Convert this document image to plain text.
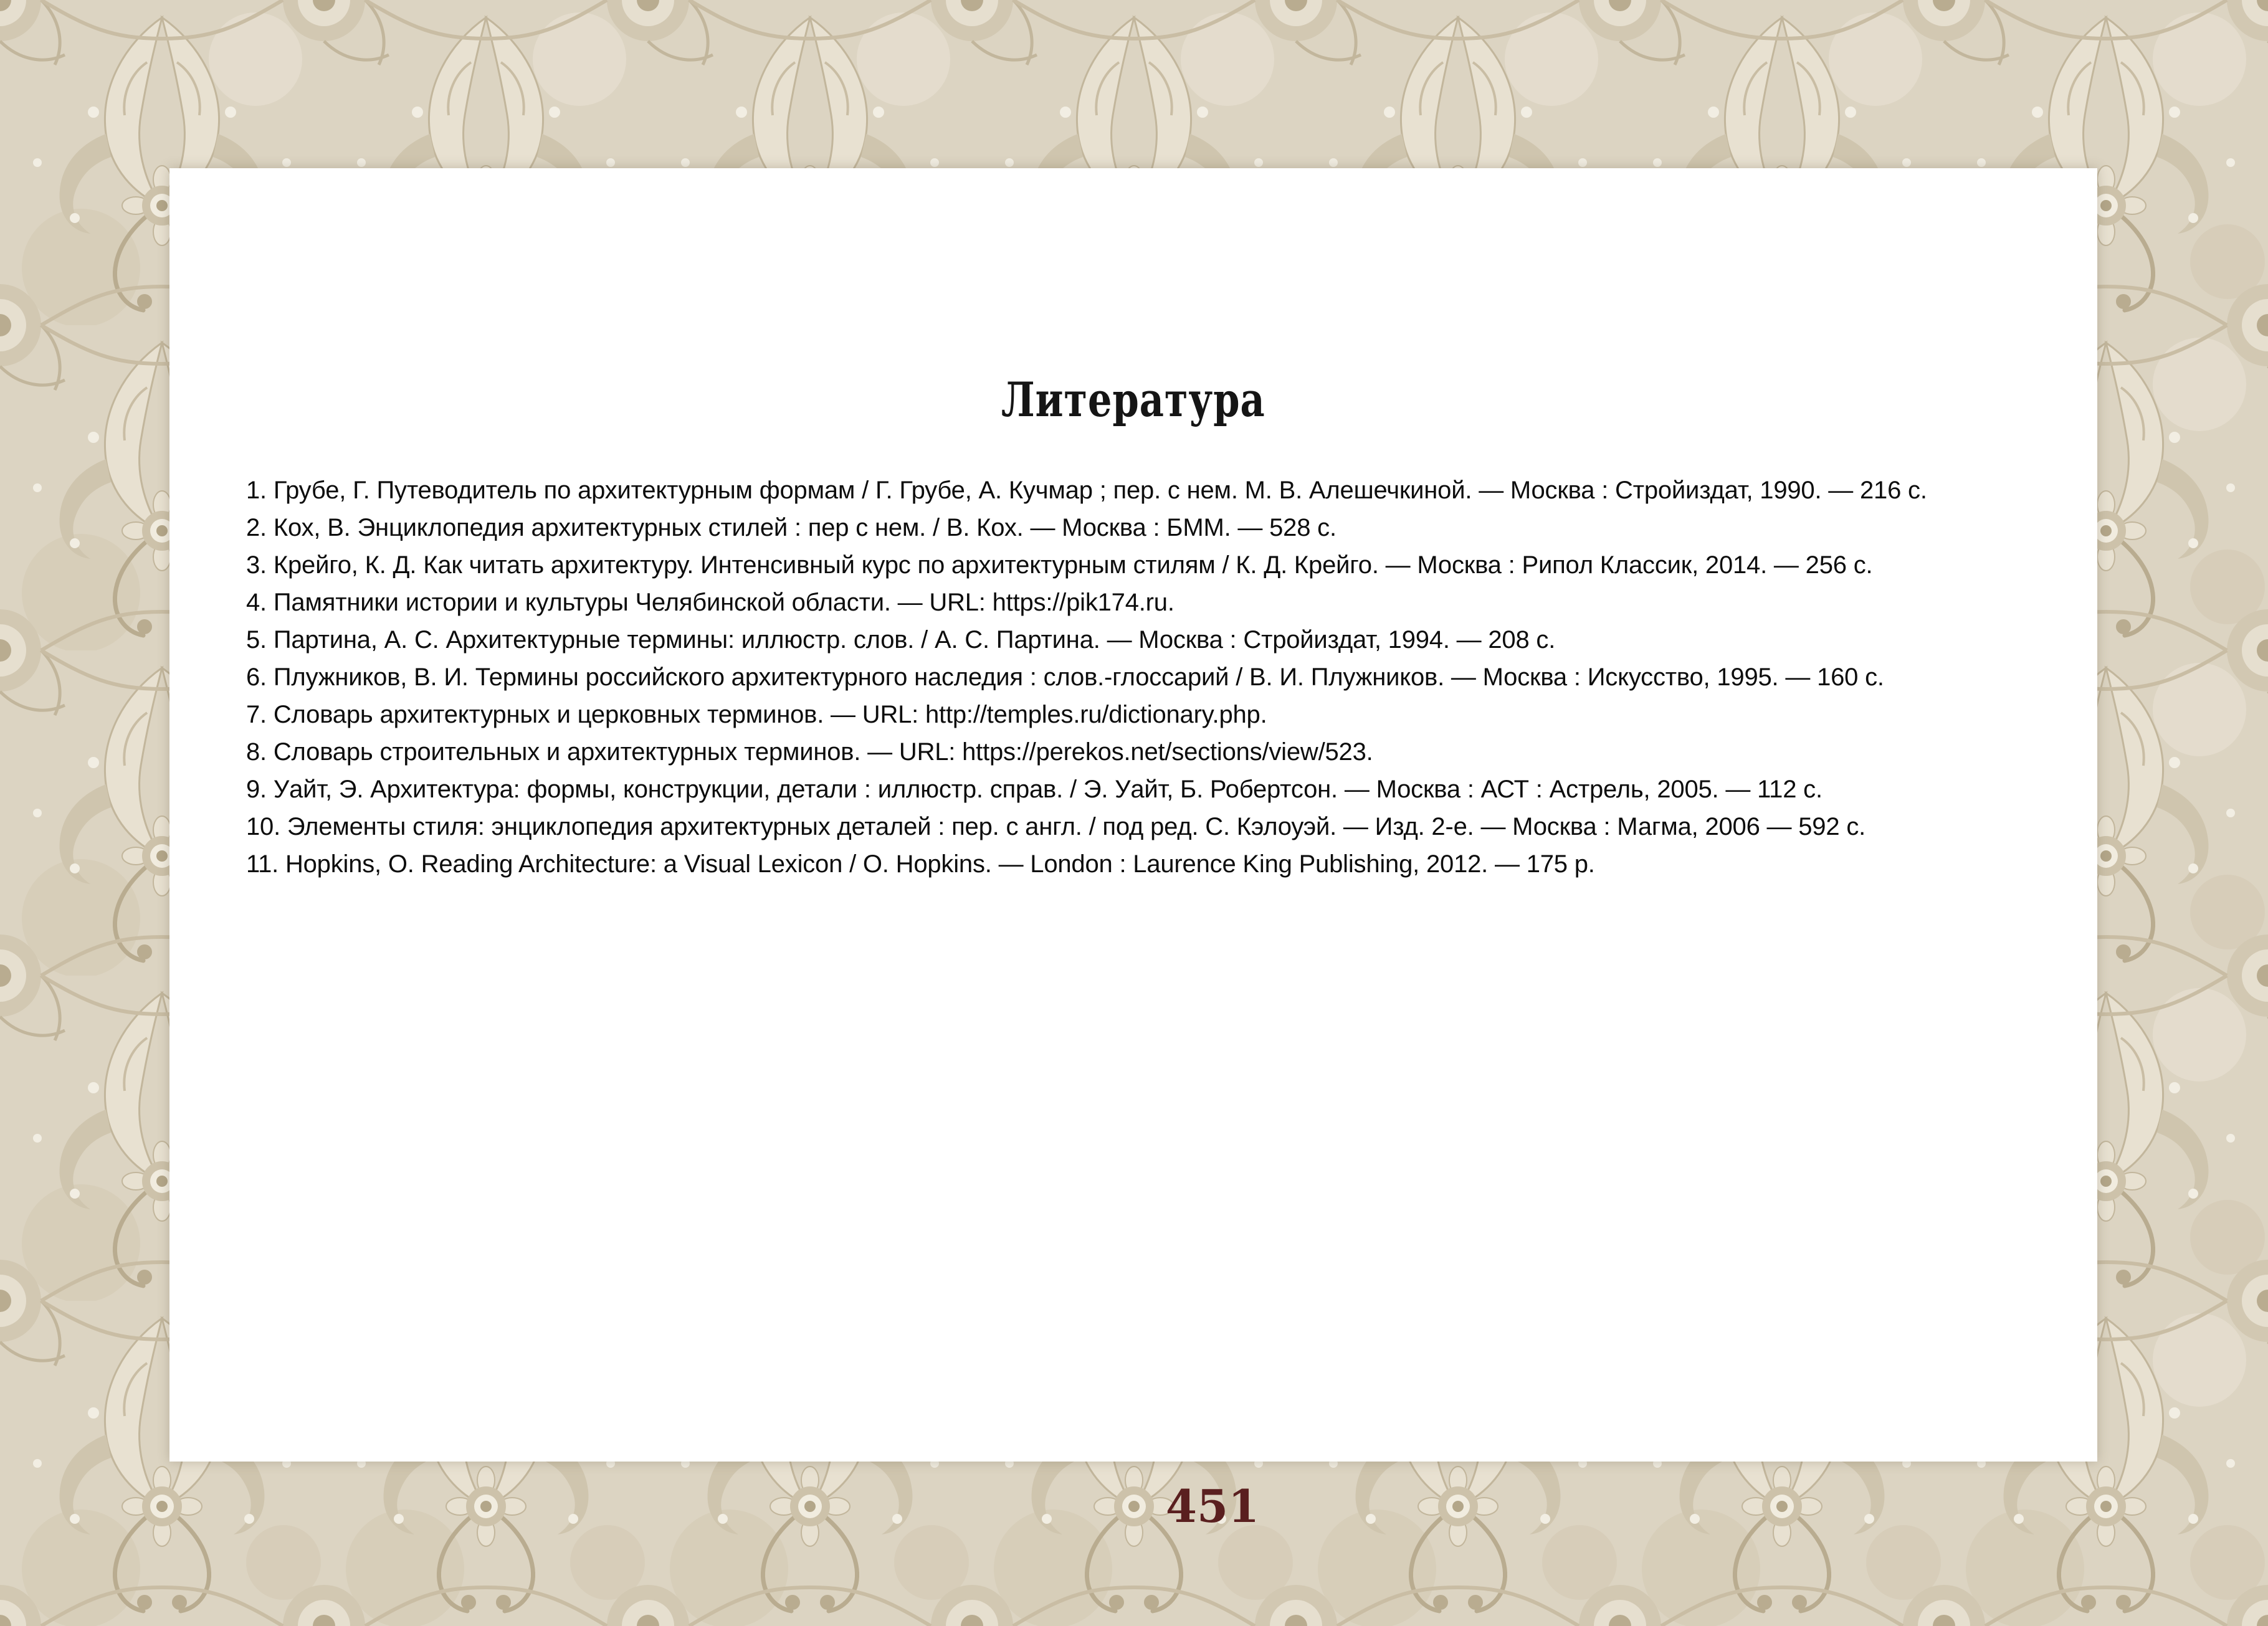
Литература
1. Грубе, Г. Путеводитель по архитектурным формам / Г. Грубе, А. Кучмар ; пер. с нем. М. В. Алешечкиной. — Москва : Стройиздат, 1990. — 216 с.
2. Кох, В. Энциклопедия архитектурных стилей : пер с нем. / В. Кох. — Москва : БММ. — 528 с.
3. Крейго, К. Д. Как читать архитектуру. Интенсивный курс по архитектурным стилям / К. Д. Крейго. — Москва : Рипол Классик, 2014. — 256 с.
4. Памятники истории и культуры Челябинской области. — URL: https://pik174.ru.
5. Партина, А. С. Архитектурные термины: иллюстр. слов. / А. С. Партина. — Москва : Стройиздат, 1994. — 208 с.
6. Плужников, В. И. Термины российского архитектурного наследия : слов.-глоссарий / В. И. Плужников. — Москва : Искусство, 1995. — 160 с.
7. Словарь архитектурных и церковных терминов. — URL: http://temples.ru/dictionary.php.
8. Словарь строительных и архитектурных терминов. — URL: https://perekos.net/sections/view/523.
9. Уайт, Э. Архитектура: формы, конструкции, детали : иллюстр. справ. / Э. Уайт, Б. Робертсон. — Москва : АСТ : Астрель, 2005. — 112 с.
10. Элементы стиля: энциклопедия архитектурных деталей : пер. с англ. / под ред. С. Кэлоуэй. — Изд. 2-е. — Москва : Магма, 2006 — 592 с.
11. Hopkins, O. Reading Architecture: a Visual Lexicon / O. Hopkins. — London : Laurence King Publishing, 2012. — 175 p.
451
